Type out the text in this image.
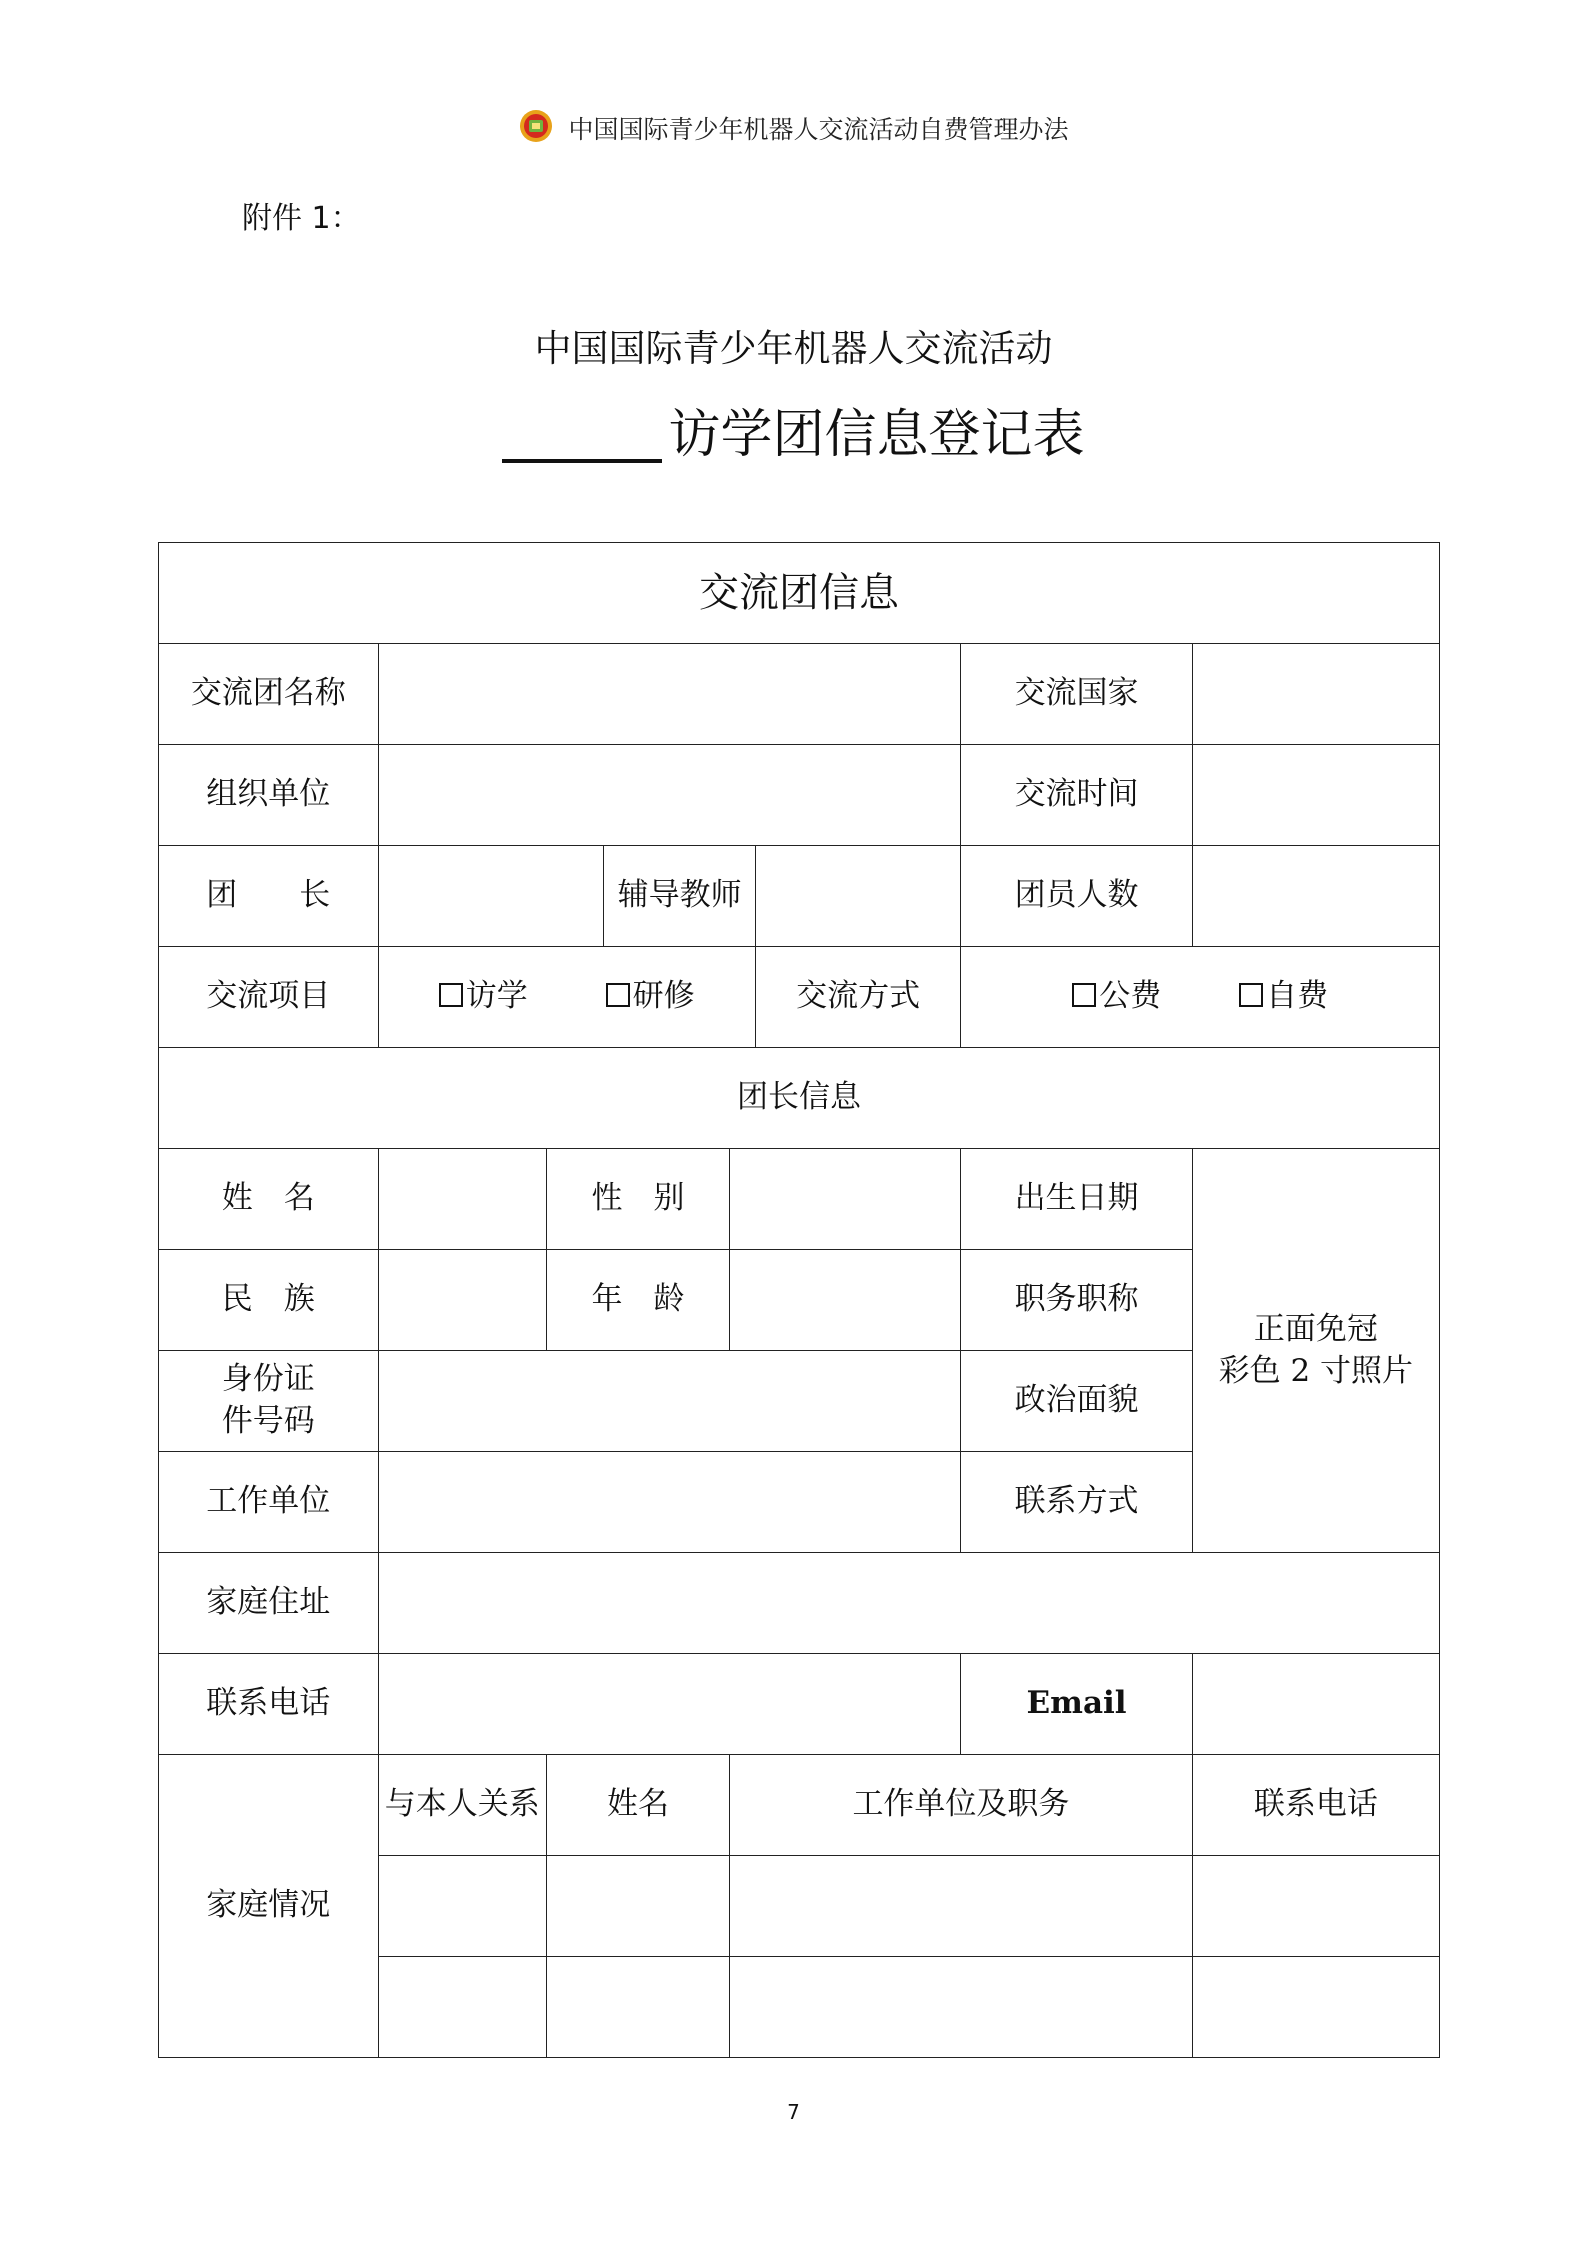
中国国际青少年机器人交流活动自费管理办法
附件 1：
中国国际青少年机器人交流活动
访学团信息登记表
交流团信息							
交流团名称						交流国家	
组织单位						交流时间	
团　　长			辅导教师			团员人数	
交流项目	访学 研修				交流方式	公费 自费	
团长信息							
姓　名		性　别				出生日期	正面免冠
彩色 2 寸照片

民　族		年　龄				职务职称	

身份证
件号码						政治面貌	
工作单位						联系方式	
家庭住址							
联系电话						Email	
家庭情况	与本人关系	姓名		工作单位及职务			联系电话

7
